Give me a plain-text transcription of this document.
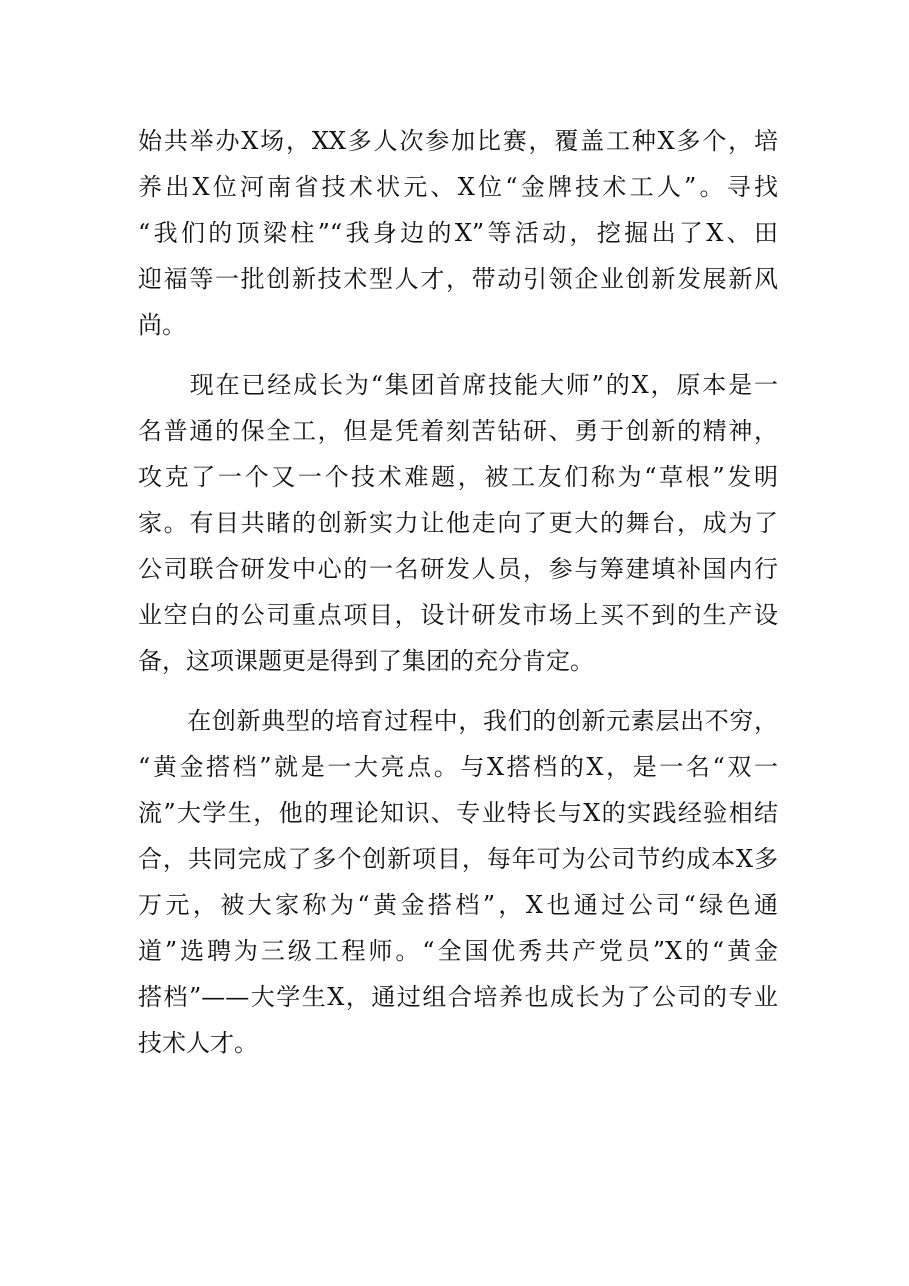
始共举办X场，XX多人次参加比赛，覆盖工种X多个，培
养出X位河南省技术状元、X位“金牌技术工人”。寻找
“我们的顶梁柱”“我身边的X”等活动，挖掘出了X、田
迎福等一批创新技术型人才，带动引领企业创新发展新风
尚。
　　现在已经成长为“集团首席技能大师”的X，原本是一
名普通的保全工，但是凭着刻苦钻研、勇于创新的精神，
攻克了一个又一个技术难题，被工友们称为“草根”发明
家。有目共睹的创新实力让他走向了更大的舞台，成为了
公司联合研发中心的一名研发人员，参与筹建填补国内行
业空白的公司重点项目，设计研发市场上买不到的生产设
备，这项课题更是得到了集团的充分肯定。
　　在创新典型的培育过程中，我们的创新元素层出不穷，
“黄金搭档”就是一大亮点。与X搭档的X，是一名“双一
流”大学生，他的理论知识、专业特长与X的实践经验相结
合，共同完成了多个创新项目，每年可为公司节约成本X多
万元，被大家称为“黄金搭档”，X也通过公司“绿色通
道”选聘为三级工程师。“全国优秀共产党员”X的“黄金
搭档”——大学生X，通过组合培养也成长为了公司的专业
技术人才。
